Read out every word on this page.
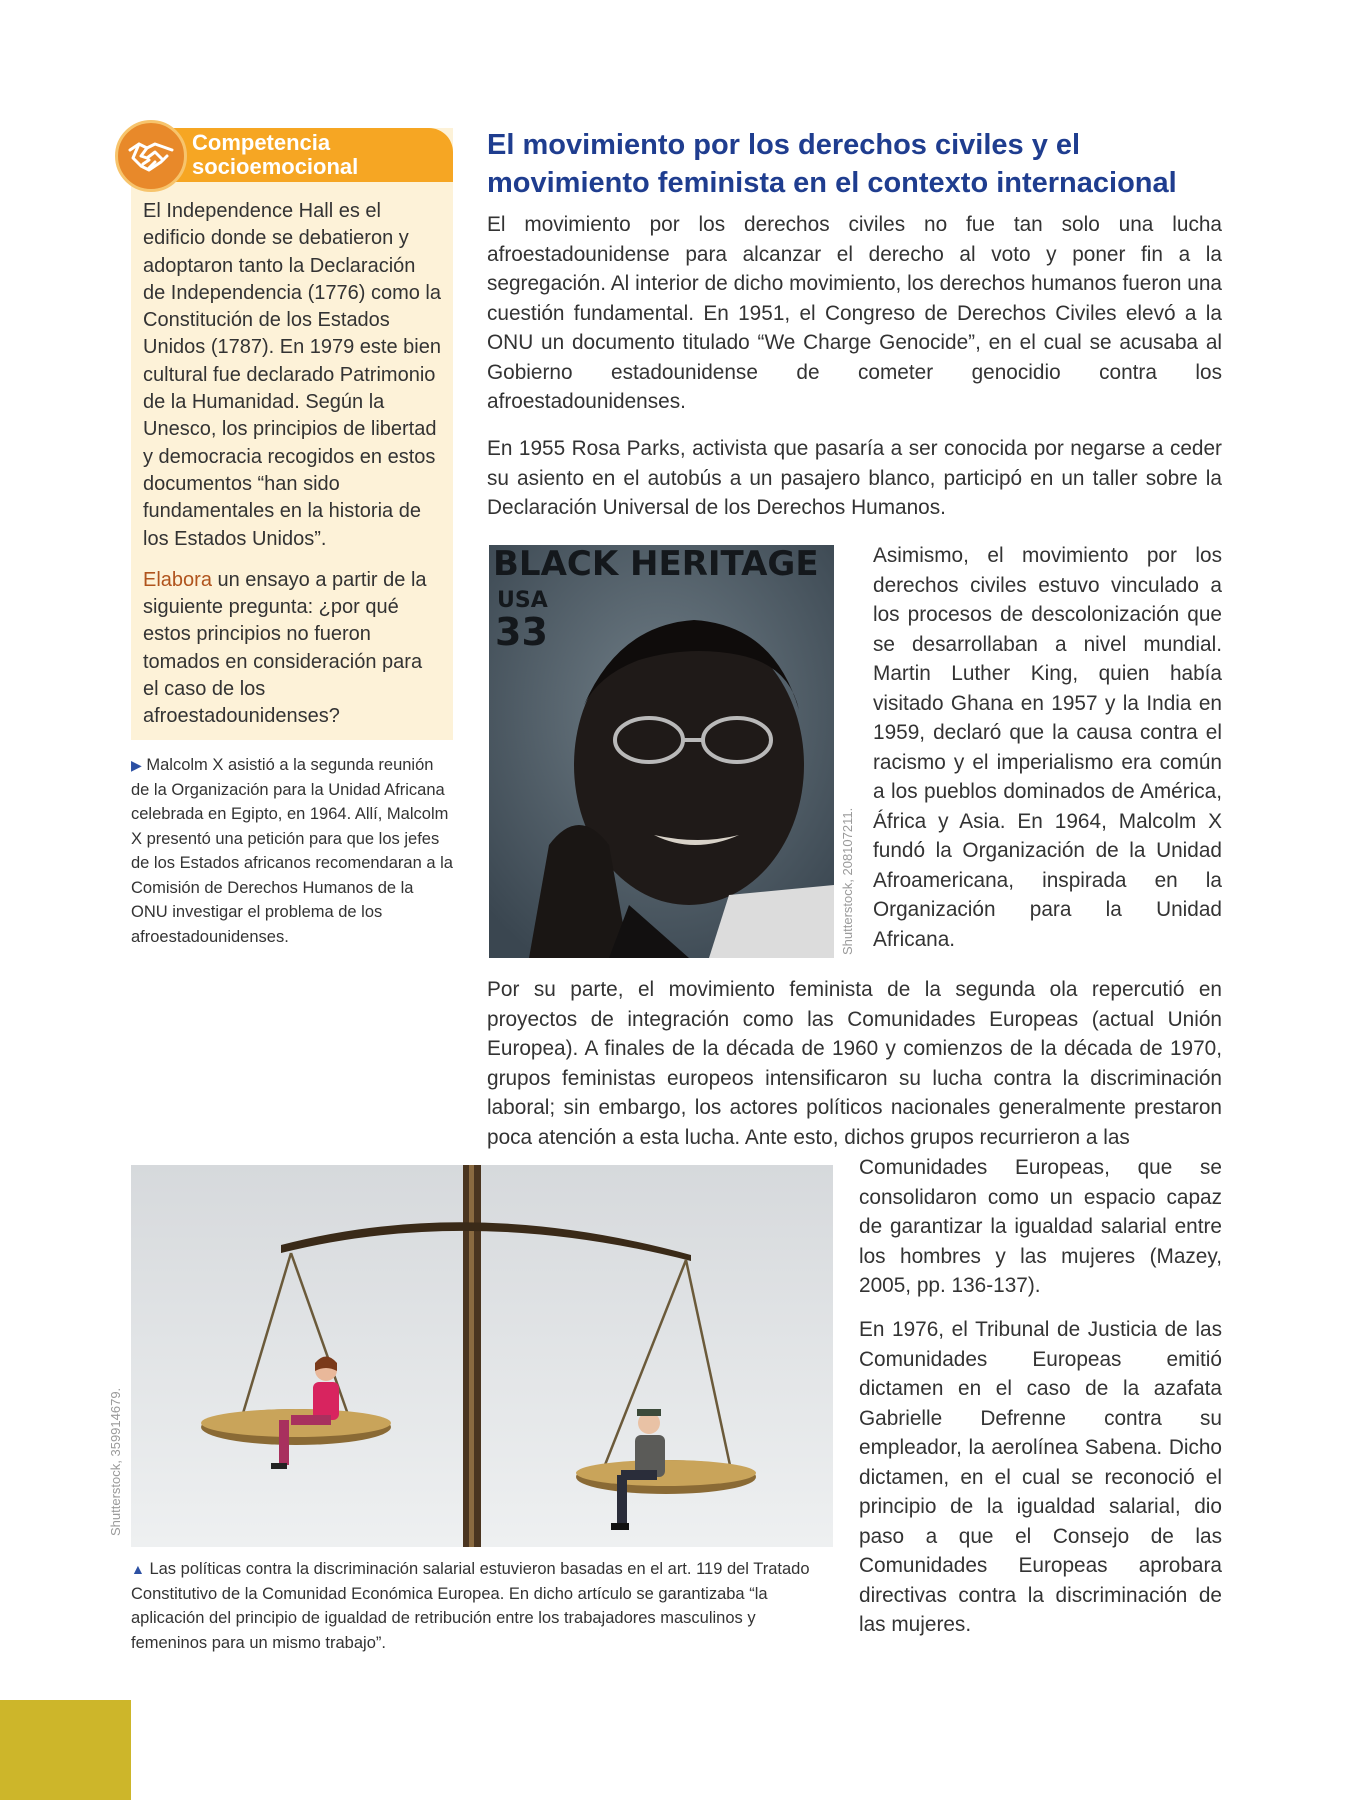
Competencia
socioemocional

El Independence Hall es el edificio donde se debatieron y adoptaron tanto la Declaración de Independencia (1776) como la Constitución de los Estados Unidos (1787). En 1979 este bien cultural fue declarado Patrimonio de la Humanidad. Según la Unesco, los principios de libertad y democracia recogidos en estos documentos “han sido fundamentales en la historia de los Estados Unidos”.

Elabora un ensayo a partir de la siguiente pregunta: ¿por qué estos principios no fueron tomados en consideración para el caso de los afroestadounidenses?

▶ Malcolm X asistió a la segunda reunión de la Organización para la Unidad Africana celebrada en Egipto, en 1964. Allí, Malcolm X presentó una petición para que los jefes de los Estados africanos recomendaran a la Comisión de Derechos Humanos de la ONU investigar el problema de los afroestadounidenses.
El movimiento por los derechos civiles y el movimiento feminista en el contexto internacional

El movimiento por los derechos civiles no fue tan solo una lucha afroestadounidense para alcanzar el derecho al voto y poner fin a la segregación. Al interior de dicho movimiento, los derechos humanos fueron una cuestión fundamental. En 1951, el Congreso de Derechos Civiles elevó a la ONU un documento titulado “We Charge Genocide”, en el cual se acusaba al Gobierno estadounidense de cometer genocidio contra los afroestadounidenses.

En 1955 Rosa Parks, activista que pasaría a ser conocida por negarse a ceder su asiento en el autobús a un pasajero blanco, participó en un taller sobre la Declaración Universal de los Derechos Humanos.

BLACK HERITAGE
USA
33
Shutterstock, 208107211.

Asimismo, el movimiento por los derechos civiles estuvo vinculado a los procesos de descolonización que se desarrollaban a nivel mundial. Martin Luther King, quien había visitado Ghana en 1957 y la India en 1959, declaró que la causa contra el racismo y el imperialismo era común a los pueblos dominados de América, África y Asia. En 1964, Malcolm X fundó la Organización de la Unidad Afroamericana, inspirada en la Organización para la Unidad Africana.

Por su parte, el movimiento feminista de la segunda ola repercutió en proyectos de integración como las Comunidades Europeas (actual Unión Europea). A finales de la década de 1960 y comienzos de la década de 1970, grupos feministas europeos intensificaron su lucha contra la discriminación laboral; sin embargo, los actores políticos nacionales generalmente prestaron poca atención a esta lucha. Ante esto, dichos grupos recurrieron a las

Shutterstock, 359914679.

Comunidades Europeas, que se consolidaron como un espacio capaz de garantizar la igualdad salarial entre los hombres y las mujeres (Mazey, 2005, pp. 136-137).

En 1976, el Tribunal de Justicia de las Comunidades Europeas emitió dictamen en el caso de la azafata Gabrielle Defrenne contra su empleador, la aerolínea Sabena. Dicho dictamen, en el cual se reconoció el principio de la igualdad salarial, dio paso a que el Consejo de las Comunidades Europeas aprobara directivas contra la discriminación de las mujeres.

▲ Las políticas contra la discriminación salarial estuvieron basadas en el art. 119 del Tratado Constitutivo de la Comunidad Económica Europea. En dicho artículo se garantizaba “la aplicación del principio de igualdad de retribución entre los trabajadores masculinos y femeninos para un mismo trabajo”.
144
